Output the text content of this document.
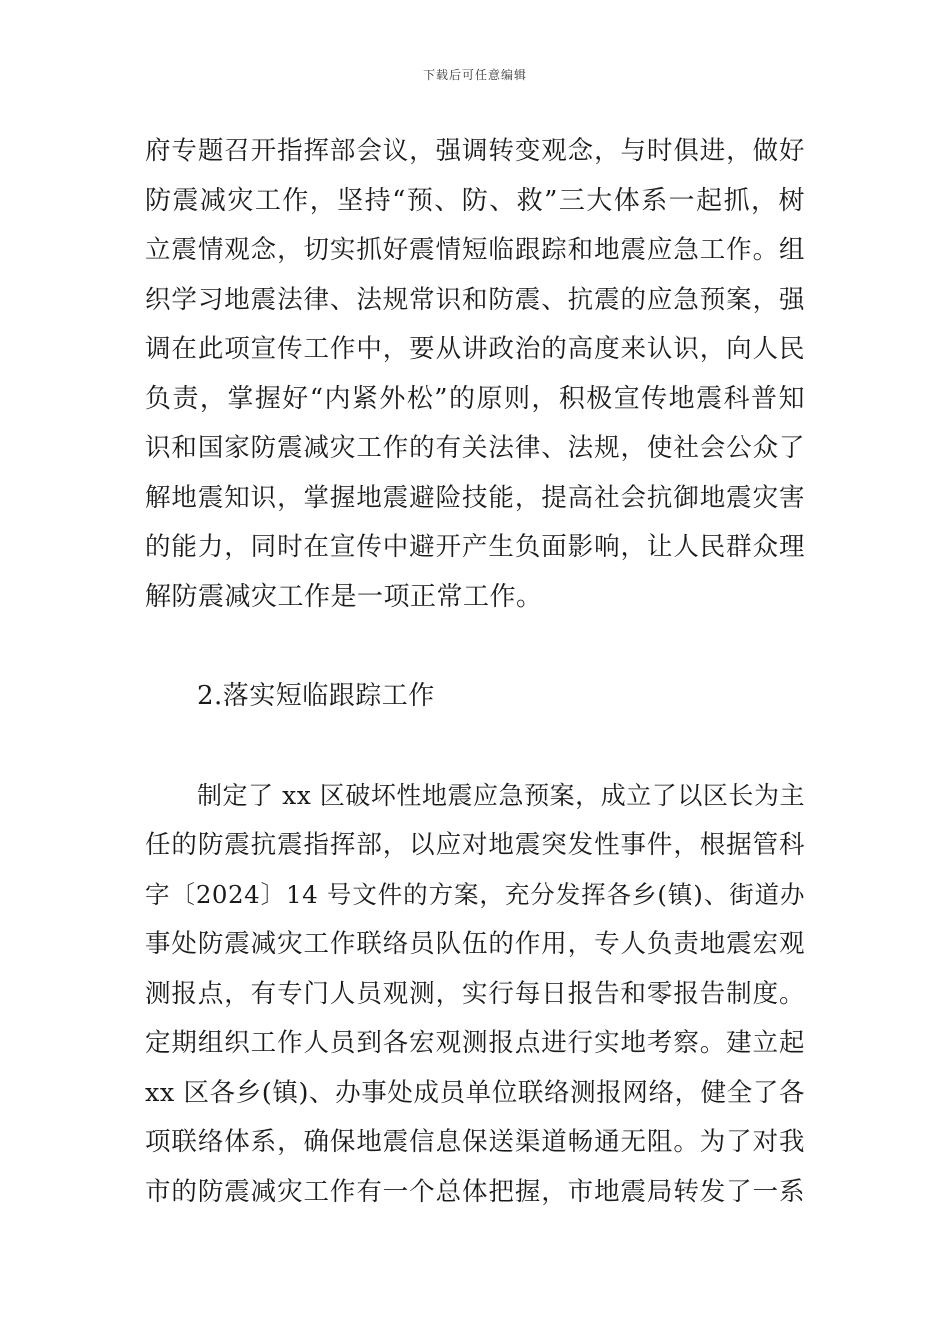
下载后可任意编辑
府专题召开指挥部会议，强调转变观念，与时俱进，做好
防震减灾工作，坚持“预、防、救”三大体系一起抓，树
立震情观念，切实抓好震情短临跟踪和地震应急工作。组
织学习地震法律、法规常识和防震、抗震的应急预案，强
调在此项宣传工作中，要从讲政治的高度来认识，向人民
负责，掌握好“内紧外松”的原则，积极宣传地震科普知
识和国家防震减灾工作的有关法律、法规，使社会公众了
解地震知识，掌握地震避险技能，提高社会抗御地震灾害
的能力，同时在宣传中避开产生负面影响，让人民群众理
解防震减灾工作是一项正常工作。
2.落实短临跟踪工作
制定了 xx 区破坏性地震应急预案，成立了以区长为主
任的防震抗震指挥部，以应对地震突发性事件，根据管科
字〔2024〕14 号文件的方案，充分发挥各乡(镇)、街道办
事处防震减灾工作联络员队伍的作用，专人负责地震宏观
测报点，有专门人员观测，实行每日报告和零报告制度。
定期组织工作人员到各宏观测报点进行实地考察。建立起
xx 区各乡(镇)、办事处成员单位联络测报网络，健全了各
项联络体系，确保地震信息保送渠道畅通无阻。为了对我
市的防震减灾工作有一个总体把握，市地震局转发了一系
